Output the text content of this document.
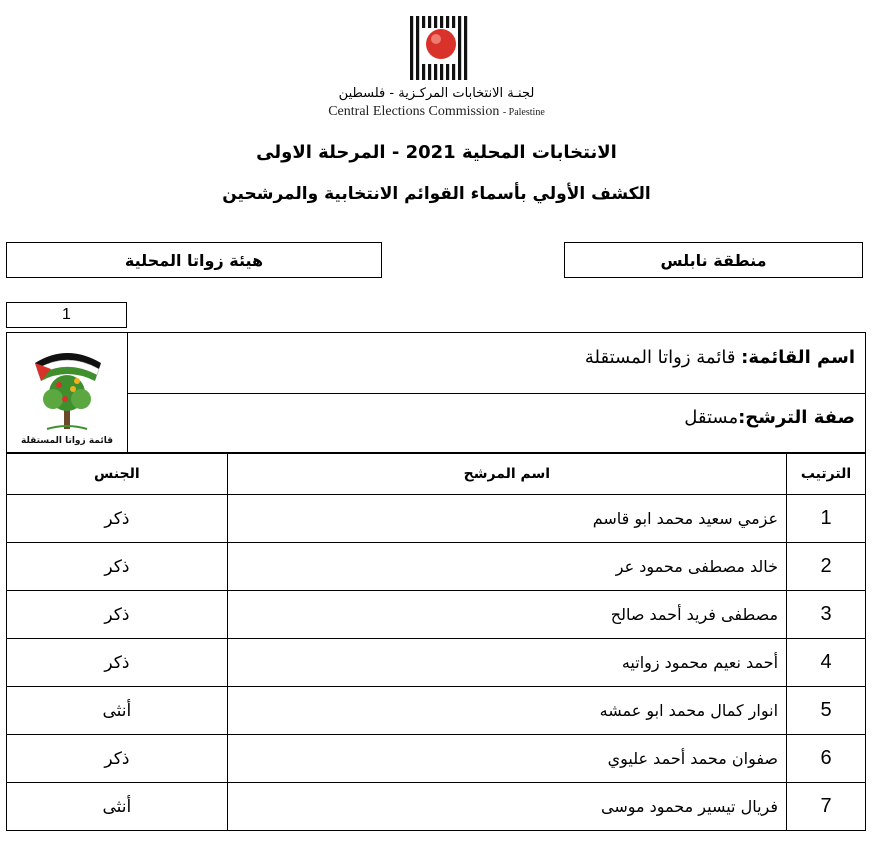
لجنـة الانتخابات المركـزية - فلسطين
Central Elections Commission - Palestine
الانتخابات المحلية 2021 - المرحلة الاولى
الكشف الأولي بأسماء القوائم الانتخابية والمرشحين
هيئة زواتا المحلية	منطقة نابلس
1
قائمة زواتا المستقلة
اسم القائمة: قائمة زواتا المستقلة
صفة الترشح:مستقل
الجنس	اسم المرشح	الترتيب
ذكر	عزمي سعيد محمد ابو قاسم	1
ذكر	خالد مصطفى محمود عر	2
ذكر	مصطفى فريد أحمد صالح	3
ذكر	أحمد نعيم محمود زواتيه	4
أنثى	انوار كمال محمد ابو عمشه	5
ذكر	صفوان محمد أحمد عليوي	6
أنثى	فريال تيسير محمود موسى	7
